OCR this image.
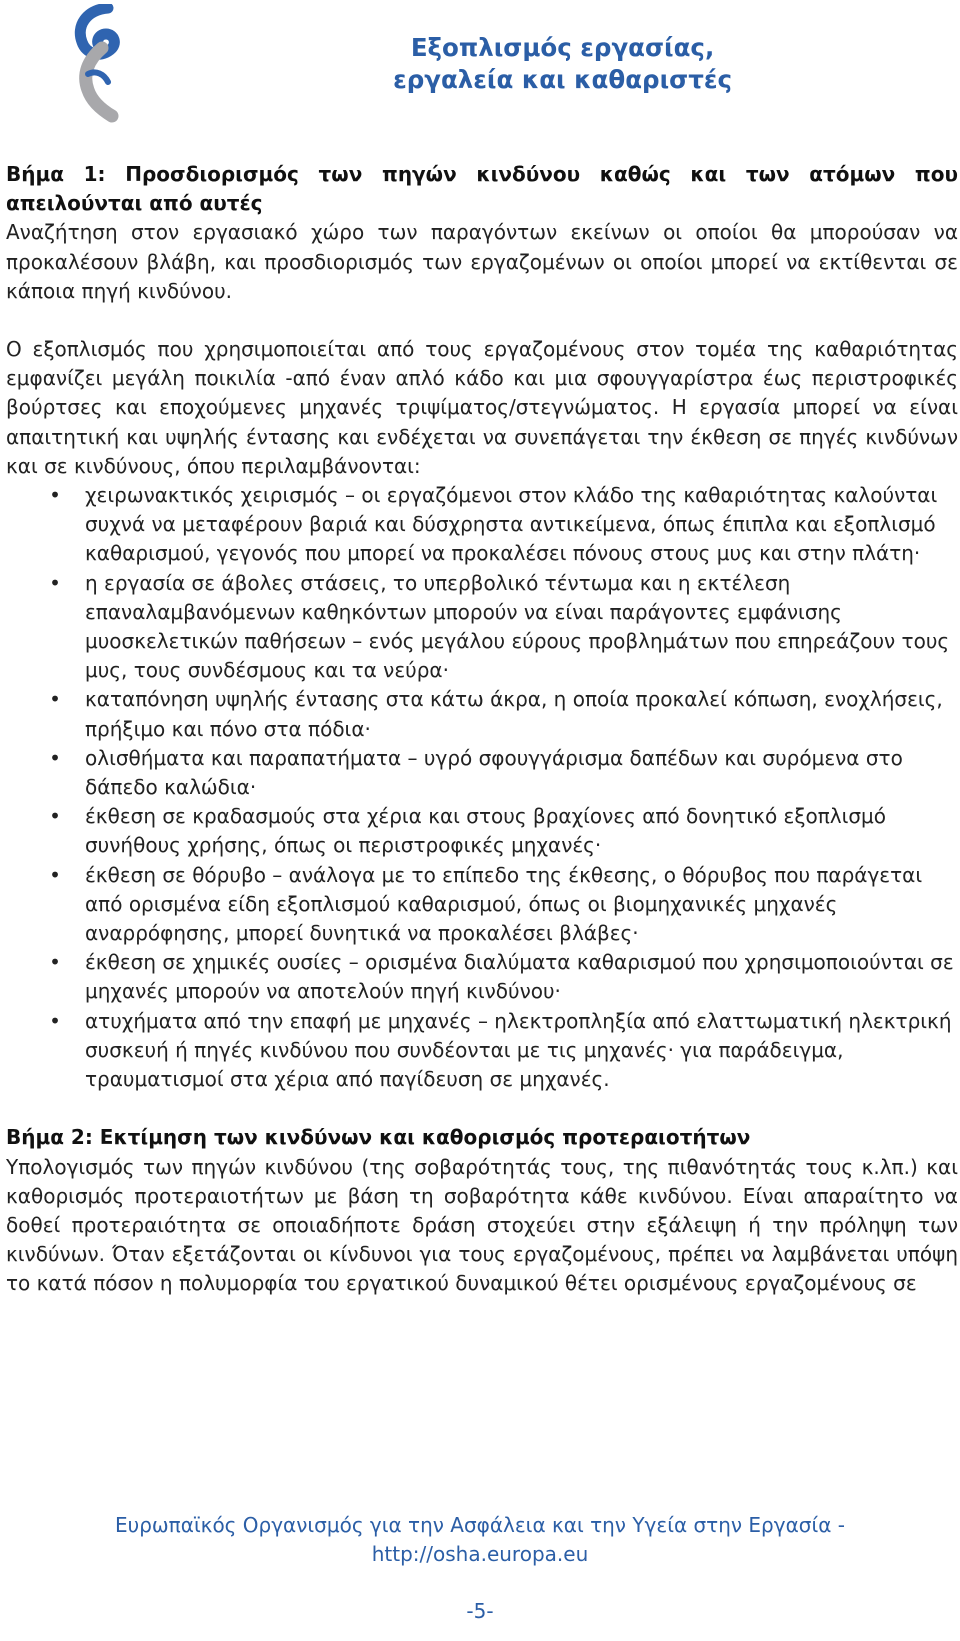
Εξοπλισμός εργασίας,
εργαλεία και καθαριστές

Βήμα 1: Προσδιορισμός των πηγών κινδύνου καθώς και των ατόμων που απειλούνται από αυτές

Αναζήτηση στον εργασιακό χώρο των παραγόντων εκείνων οι οποίοι θα μπορούσαν να προκαλέσουν βλάβη, και προσδιορισμός των εργαζομένων οι οποίοι μπορεί να εκτίθενται σε κάποια πηγή κινδύνου.

Ο εξοπλισμός που χρησιμοποιείται από τους εργαζομένους στον τομέα της καθαριότητας εμφανίζει μεγάλη ποικιλία -από έναν απλό κάδο και μια σφουγγαρίστρα έως περιστροφικές βούρτσες και εποχούμενες μηχανές τριψίματος/στεγνώματος. Η εργασία μπορεί να είναι απαιτητική και υψηλής έντασης και ενδέχεται να συνεπάγεται την έκθεση σε πηγές κινδύνων και σε κινδύνους, όπου περιλαμβάνονται:

• χειρωνακτικός χειρισμός – οι εργαζόμενοι στον κλάδο της καθαριότητας καλούνται συχνά να μεταφέρουν βαριά και δύσχρηστα αντικείμενα, όπως έπιπλα και εξοπλισμό καθαρισμού, γεγονός που μπορεί να προκαλέσει πόνους στους μυς και στην πλάτη·
• η εργασία σε άβολες στάσεις, το υπερβολικό τέντωμα και η εκτέλεση επαναλαμβανόμενων καθηκόντων μπορούν να είναι παράγοντες εμφάνισης μυοσκελετικών παθήσεων – ενός μεγάλου εύρους προβλημάτων που επηρεάζουν τους μυς, τους συνδέσμους και τα νεύρα·
• καταπόνηση υψηλής έντασης στα κάτω άκρα, η οποία προκαλεί κόπωση, ενοχλήσεις, πρήξιμο και πόνο στα πόδια·
• ολισθήματα και παραπατήματα – υγρό σφουγγάρισμα δαπέδων και συρόμενα στο δάπεδο καλώδια·
• έκθεση σε κραδασμούς στα χέρια και στους βραχίονες από δονητικό εξοπλισμό συνήθους χρήσης, όπως οι περιστροφικές μηχανές·
• έκθεση σε θόρυβο – ανάλογα με το επίπεδο της έκθεσης, ο θόρυβος που παράγεται από ορισμένα είδη εξοπλισμού καθαρισμού, όπως οι βιομηχανικές μηχανές αναρρόφησης, μπορεί δυνητικά να προκαλέσει βλάβες·
• έκθεση σε χημικές ουσίες – ορισμένα διαλύματα καθαρισμού που χρησιμοποιούνται σε μηχανές μπορούν να αποτελούν πηγή κινδύνου·
• ατυχήματα από την επαφή με μηχανές – ηλεκτροπληξία από ελαττωματική ηλεκτρική συσκευή ή πηγές κινδύνου που συνδέονται με τις μηχανές· για παράδειγμα, τραυματισμοί στα χέρια από παγίδευση σε μηχανές.

Βήμα 2: Εκτίμηση των κινδύνων και καθορισμός προτεραιοτήτων

Υπολογισμός των πηγών κινδύνου (της σοβαρότητάς τους, της πιθανότητάς τους κ.λπ.) και καθορισμός προτεραιοτήτων με βάση τη σοβαρότητα κάθε κινδύνου. Είναι απαραίτητο να δοθεί προτεραιότητα σε οποιαδήποτε δράση στοχεύει στην εξάλειψη ή την πρόληψη των κινδύνων. Όταν εξετάζονται οι κίνδυνοι για τους εργαζομένους, πρέπει να λαμβάνεται υπόψη το κατά πόσον η πολυμορφία του εργατικού δυναμικού θέτει ορισμένους εργαζομένους σε

Ευρωπαϊκός Οργανισμός για την Ασφάλεια και την Υγεία στην Εργασία -
http://osha.europa.eu
-5-
